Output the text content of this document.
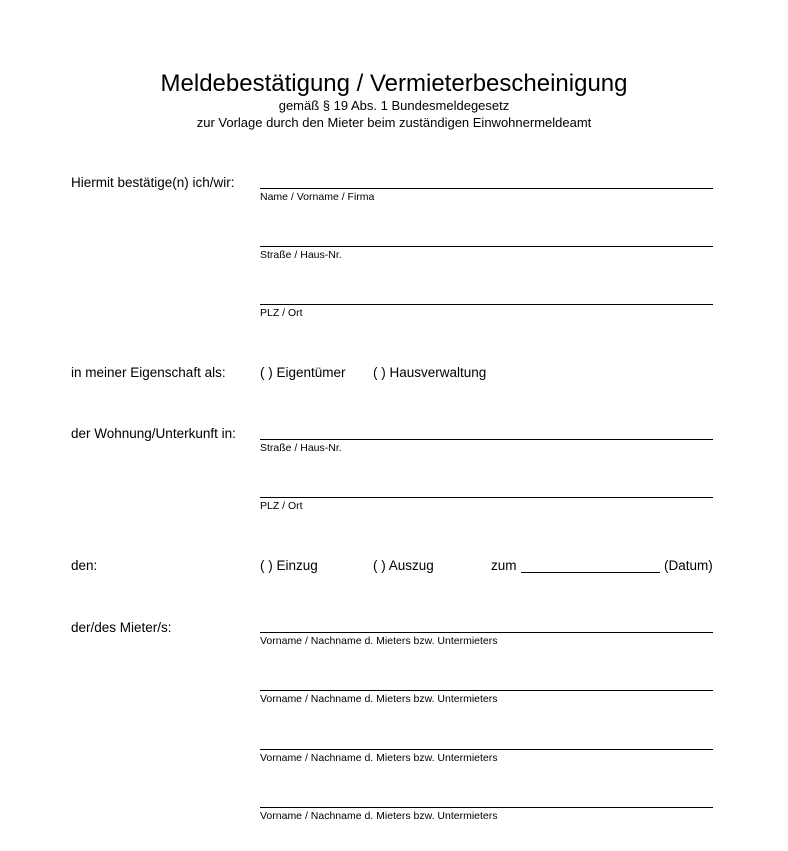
Meldebestätigung / Vermieterbescheinigung
gemäß § 19 Abs. 1 Bundesmeldegesetz
zur Vorlage durch den Mieter beim zuständigen Einwohnermeldeamt
Hiermit bestätige(n) ich/wir:
Name / Vorname / Firma
Straße / Haus-Nr.
PLZ / Ort
in meiner Eigenschaft als:	( ) Eigentümer ( ) Hausverwaltung
der Wohnung/Unterkunft in:
Straße / Haus-Nr.
PLZ / Ort
den:	( ) Einzug	( ) Auszug	zum	(Datum)
der/des Mieter/s:
Vorname / Nachname d. Mieters bzw. Untermieters
Vorname / Nachname d. Mieters bzw. Untermieters
Vorname / Nachname d. Mieters bzw. Untermieters
Vorname / Nachname d. Mieters bzw. Untermieters
